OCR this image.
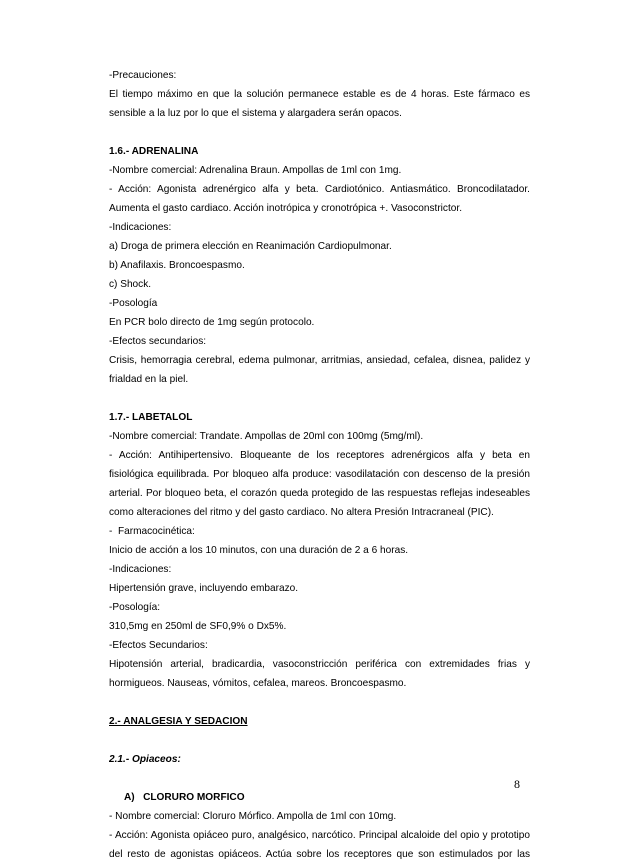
-Precauciones:
El tiempo máximo en que la solución permanece estable es de 4 horas. Este fármaco es
sensible a la luz por lo que el sistema y alargadera serán opacos.
1.6.- ADRENALINA
-Nombre comercial: Adrenalina Braun. Ampollas de 1ml con 1mg.
- Acción: Agonista adrenérgico alfa y beta. Cardiotónico. Antiasmático. Broncodilatador.
Aumenta el gasto cardiaco. Acción inotrópica y cronotrópica +. Vasoconstrictor.
-Indicaciones:
a) Droga de primera elección en Reanimación Cardiopulmonar.
b) Anafilaxis. Broncoespasmo.
c) Shock.
-Posología
En PCR bolo directo de 1mg según protocolo.
-Efectos secundarios:
Crisis, hemorragia cerebral, edema pulmonar, arritmias, ansiedad, cefalea, disnea, palidez y
frialdad en la piel.
1.7.- LABETALOL
-Nombre comercial: Trandate. Ampollas de 20ml con 100mg (5mg/ml).
- Acción: Antihipertensivo. Bloqueante de los receptores adrenérgicos alfa y beta en
fisiológica equilibrada. Por bloqueo alfa produce: vasodilatación con descenso de la presión
arterial. Por bloqueo beta, el corazón queda protegido de las respuestas reflejas indeseables
como alteraciones del ritmo y del gasto cardiaco. No altera Presión Intracraneal (PIC).
-  Farmacocinética:
Inicio de acción a los 10 minutos, con una duración de 2 a 6 horas.
-Indicaciones:
Hipertensión grave, incluyendo embarazo.
-Posología:
310,5mg en 250ml de SF0,9% o Dx5%.
-Efectos Secundarios:
Hipotensión arterial, bradicardia, vasoconstricción periférica con extremidades frias y
hormigueos. Nauseas, vómitos, cefalea, mareos. Broncoespasmo.
2.- ANALGESIA Y SEDACION
2.1.- Opiaceos:
A)   CLORURO MORFICO
- Nombre comercial: Cloruro Mórfico. Ampolla de 1ml con 10mg.
- Acción: Agonista opiáceo puro, analgésico, narcótico. Principal alcaloide del opio y prototipo
del resto de agonistas opiáceos. Actúa sobre los receptores que son estimulados por las
8
